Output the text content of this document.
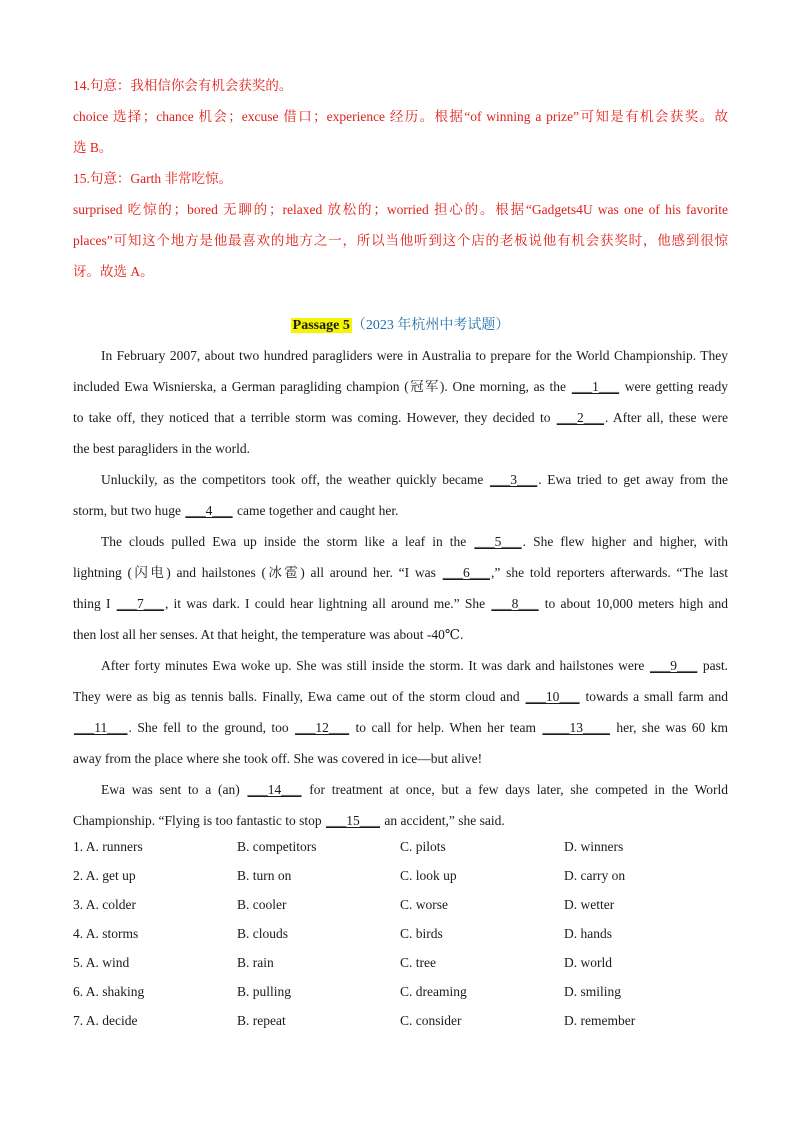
14.句意：我相信你会有机会获奖的。
choice 选择；chance 机会；excuse 借口；experience 经历。根据“of winning a prize”可知是有机会获奖。故
选 B。
15.句意：Garth 非常吃惊。
surprised 吃惊的；bored 无聊的；relaxed 放松的；worried 担心的。根据“Gadgets4U was one of his favorite
places”可知这个地方是他最喜欢的地方之一，所以当他听到这个店的老板说他有机会获奖时，他感到很惊
讶。故选 A。
Passage 5 （2023 年杭州中考试题）
In February 2007, about two hundred paragliders were in Australia to prepare for the World Championship. They
included Ewa Wisnierska, a German paragliding champion (冠军). One morning, as the ___1___ were getting ready
to take off, they noticed that a terrible storm was coming. However, they decided to ___2___. After all, these were
the best paragliders in the world.
Unluckily, as the competitors took off, the weather quickly became ___3___. Ewa tried to get away from the
storm, but two huge ___4___ came together and caught her.
The clouds pulled Ewa up inside the storm like a leaf in the ___5___. She flew higher and higher, with
lightning (闪电) and hailstones (冰雹) all around her. “I was ___6___,” she told reporters afterwards. “The last
thing I ___7___, it was dark. I could hear lightning all around me.” She ___8___ to about 10,000 meters high and
then lost all her senses. At that height, the temperature was about -40℃.
After forty minutes Ewa woke up. She was still inside the storm. It was dark and hailstones were ___9___ past.
They were as big as tennis balls. Finally, Ewa came out of the storm cloud and ___10___ towards a small farm and
___11___. She fell to the ground, too ___12___ to call for help. When her team ____13____ her, she was 60 km
away from the place where she took off. She was covered in ice—but alive!
Ewa was sent to a (an) ___14___ for treatment at once, but a few days later, she competed in the World
Championship. “Flying is too fantastic to stop ___15___ an accident,” she said.
1. A. runners	B. competitors	C. pilots	D. winners
2. A. get up	B. turn on	C. look up	D. carry on
3. A. colder	B. cooler	C. worse	D. wetter
4. A. storms	B. clouds	C. birds	D. hands
5. A. wind	B. rain	C. tree	D. world
6. A. shaking	B. pulling	C. dreaming	D. smiling
7. A. decide	B. repeat	C. consider	D. remember
